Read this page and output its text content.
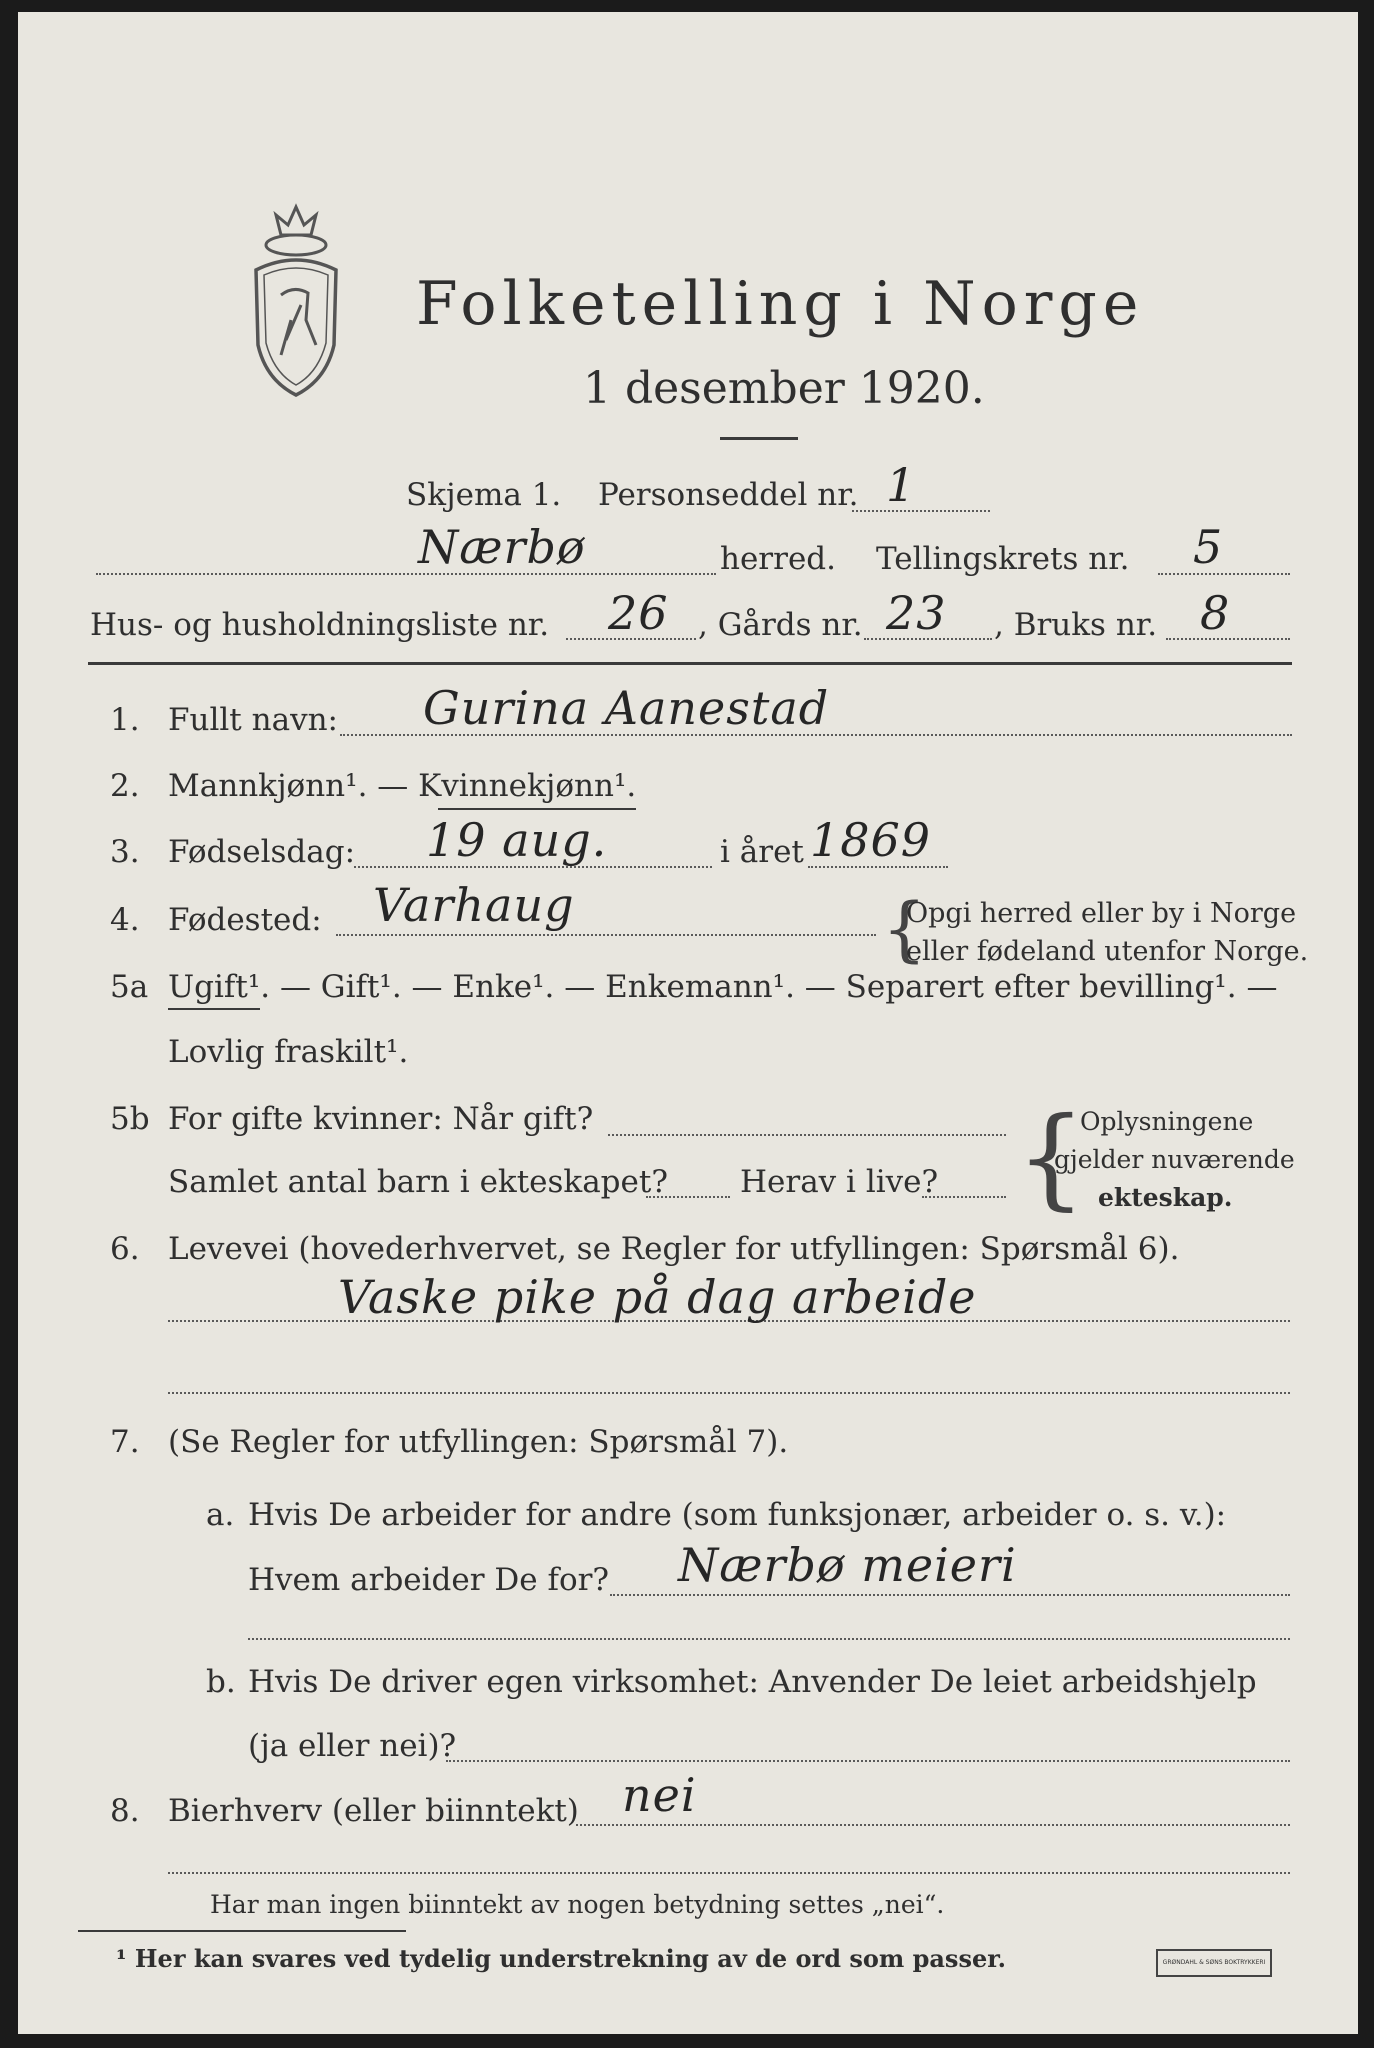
Folketelling i Norge
1 desember 1920.
Skjema 1. Personseddel nr. 1
Nærbø	herred. Tellingskrets nr. 5
Hus- og husholdningsliste nr. 26 , Gårds nr. 23 , Bruks nr. 8
1. Fullt navn: Gurina Aanestad
2. Mannkjønn¹. — Kvinnekjønn¹.
3. Fødselsdag: 19 aug.	i året 1869
4. Fødested: Varhaug	{
Opgi herred eller by i Norge
eller fødeland utenfor Norge.
5a Ugift¹. — Gift¹. — Enke¹. — Enkemann¹. — Separert efter bevilling¹. —
Lovlig fraskilt¹.
5b For gifte kvinner: Når gift?
Samlet antal barn i ekteskapet? Herav i live? {
Oplysningene
gjelder nuværende
ekteskap.
6. Levevei (hovederhvervet, se Regler for utfyllingen: Spørsmål 6).
Vaske pike på dag arbeide
7. (Se Regler for utfyllingen: Spørsmål 7).
a. Hvis De arbeider for andre (som funksjonær, arbeider o. s. v.):
Hvem arbeider De for? Nærbø meieri
b. Hvis De driver egen virksomhet: Anvender De leiet arbeidshjelp
(ja eller nei)?
8. Bierhverv (eller biinntekt) nei
Har man ingen biinntekt av nogen betydning settes „nei“.
¹ Her kan svares ved tydelig understrekning av de ord som passer.	GRØNDAHL & SØNS BOKTRYKKERI
